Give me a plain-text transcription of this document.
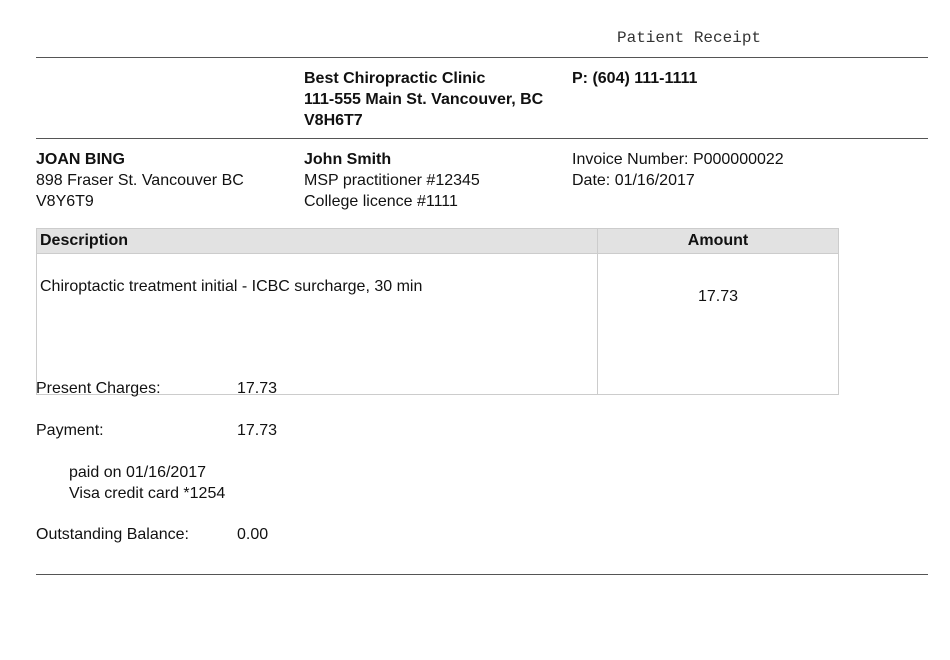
Patient Receipt
Best Chiropractic Clinic
111-555 Main St. Vancouver, BC
V8H6T7
P: (604) 111-1111
JOAN BING
898 Fraser St. Vancouver BC
V8Y6T9
John Smith
MSP practitioner #12345
College licence #1111
Invoice Number: P000000022
Date: 01/16/2017
Description	Amount
Chiroptactic treatment initial - ICBC surcharge, 30 min	17.73
Present Charges:	17.73
Payment:	17.73
paid on 01/16/2017
Visa credit card *1254
Outstanding Balance:	0.00
